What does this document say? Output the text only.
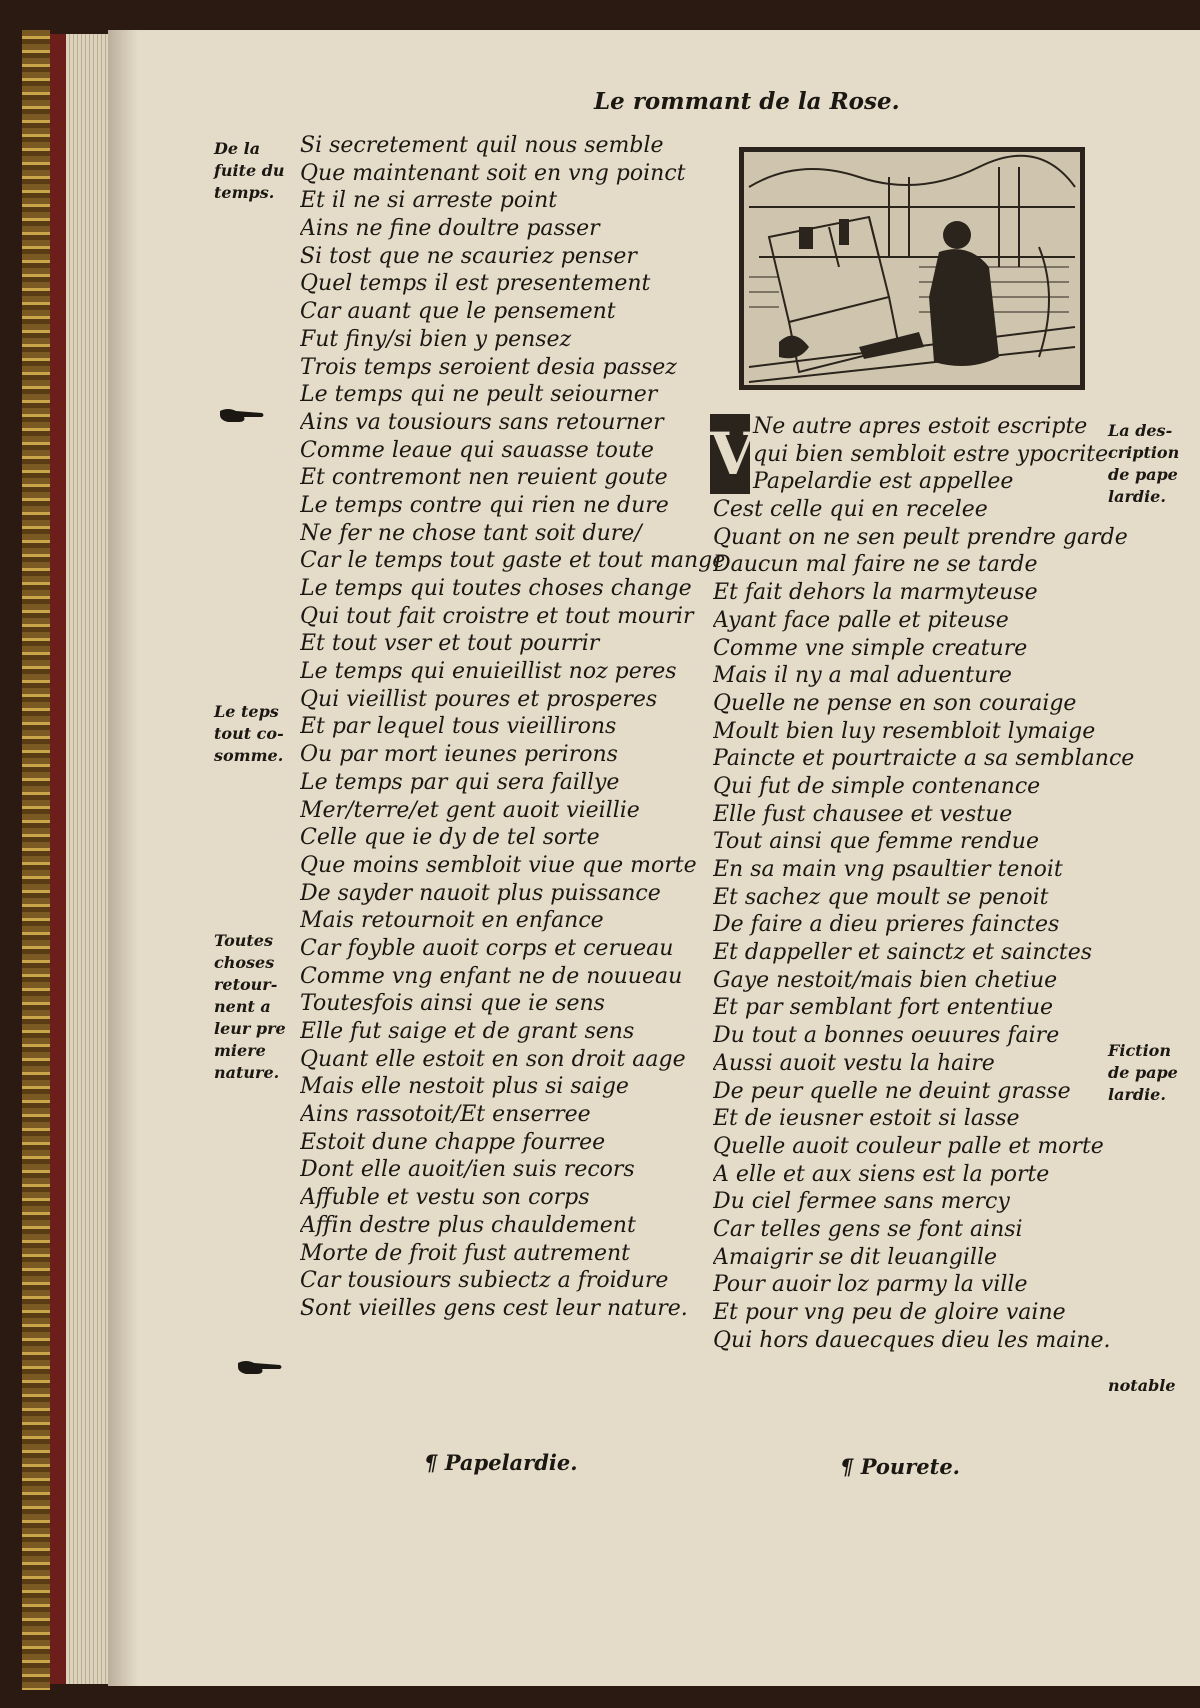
Le rommant de la Rose.
De la
fuite du
temps.
Le teps
tout co-
somme.
Toutes
choses
retour-
nent a
leur pre
miere
nature.
Si secretement quil nous semble
Que maintenant soit en vng poinct
Et il ne si arreste point
Ains ne fine doultre passer
Si tost que ne scauriez penser
Quel temps il est presentement
Car auant que le pensement
Fut finy/si bien y pensez
Trois temps seroient desia passez
Le temps qui ne peult seiourner
Ains va tousiours sans retourner
Comme leaue qui sauasse toute
Et contremont nen reuient goute
Le temps contre qui rien ne dure
Ne fer ne chose tant soit dure/
Car le temps tout gaste et tout mange
Le temps qui toutes choses change
Qui tout fait croistre et tout mourir
Et tout vser et tout pourrir
Le temps qui enuieillist noz peres
Qui vieillist poures et prosperes
Et par lequel tous vieillirons
Ou par mort ieunes perirons
Le temps par qui sera faillye
Mer/terre/et gent auoit vieillie
Celle que ie dy de tel sorte
Que moins sembloit viue que morte
De sayder nauoit plus puissance
Mais retournoit en enfance
Car foyble auoit corps et cerueau
Comme vng enfant ne de nouueau
Toutesfois ainsi que ie sens
Elle fut saige et de grant sens
Quant elle estoit en son droit aage
Mais elle nestoit plus si saige
Ains rassotoit/Et enserree
Estoit dune chappe fourree
Dont elle auoit/ien suis recors
Affuble et vestu son corps
Affin destre plus chauldement
Morte de froit fust autrement
Car tousiours subiectz a froidure
Sont vieilles gens cest leur nature.
¶ Papelardie.
V
Ne autre apres estoit escripte
qui bien sembloit estre ypocrite
Papelardie est appellee
Cest celle qui en recelee
Quant on ne sen peult prendre garde
Daucun mal faire ne se tarde
Et fait dehors la marmyteuse
Ayant face palle et piteuse
Comme vne simple creature
Mais il ny a mal aduenture
Quelle ne pense en son couraige
Moult bien luy resembloit lymaige
Paincte et pourtraicte a sa semblance
Qui fut de simple contenance
Elle fust chausee et vestue
Tout ainsi que femme rendue
En sa main vng psaultier tenoit
Et sachez que moult se penoit
De faire a dieu prieres fainctes
Et dappeller et sainctz et sainctes
Gaye nestoit/mais bien chetiue
Et par semblant fort ententiue
Du tout a bonnes oeuures faire
Aussi auoit vestu la haire
De peur quelle ne deuint grasse
Et de ieusner estoit si lasse
Quelle auoit couleur palle et morte
A elle et aux siens est la porte
Du ciel fermee sans mercy
Car telles gens se font ainsi
Amaigrir se dit leuangille
Pour auoir loz parmy la ville
Et pour vng peu de gloire vaine
Qui hors dauecques dieu les maine.
¶ Pourete.
La des-
cription
de pape
lardie.
Fiction
de pape
lardie.
notable
